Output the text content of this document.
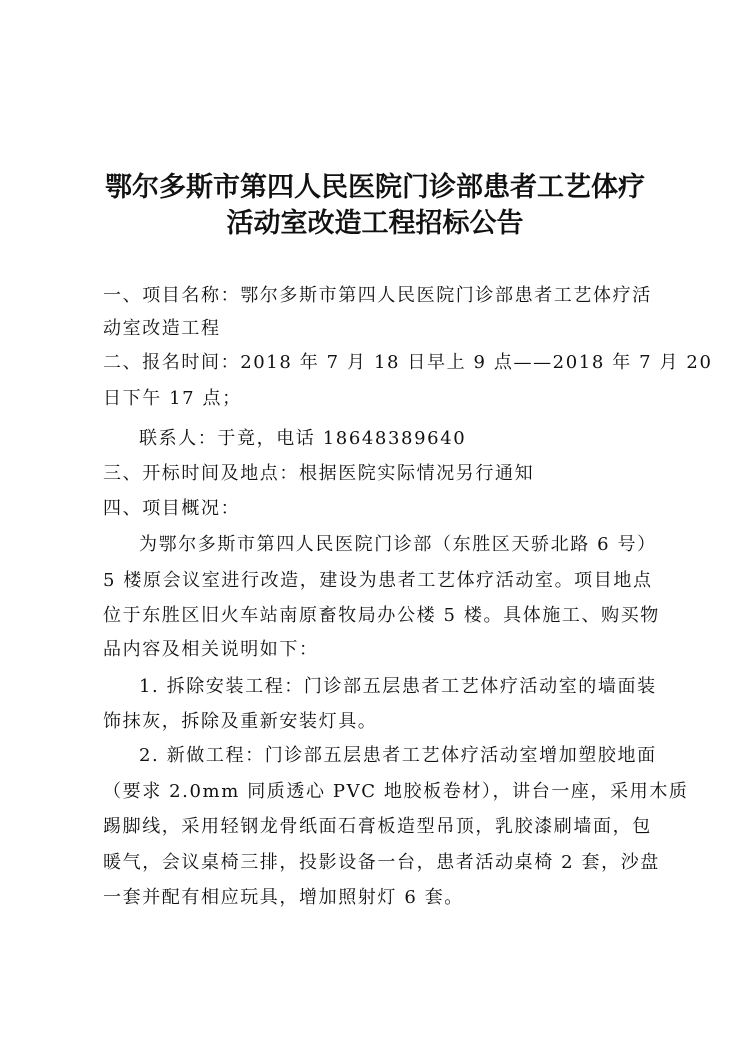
鄂尔多斯市第四人民医院门诊部患者工艺体疗
活动室改造工程招标公告
一、项目名称：鄂尔多斯市第四人民医院门诊部患者工艺体疗活
动室改造工程
二、报名时间：2018 年 7 月 18 日早上 9 点——2018 年 7 月 20
日下午 17 点；
联系人：于竟，电话 18648389640
三、开标时间及地点：根据医院实际情况另行通知
四、项目概况：
为鄂尔多斯市第四人民医院门诊部（东胜区天骄北路 6 号）
5 楼原会议室进行改造，建设为患者工艺体疗活动室。项目地点
位于东胜区旧火车站南原畜牧局办公楼 5 楼。具体施工、购买物
品内容及相关说明如下：
1. 拆除安装工程：门诊部五层患者工艺体疗活动室的墙面装
饰抹灰，拆除及重新安装灯具。
2. 新做工程：门诊部五层患者工艺体疗活动室增加塑胶地面
（要求 2.0mm 同质透心 PVC 地胶板卷材），讲台一座，采用木质
踢脚线，采用轻钢龙骨纸面石膏板造型吊顶，乳胶漆刷墙面，包
暖气，会议桌椅三排，投影设备一台，患者活动桌椅 2 套，沙盘
一套并配有相应玩具，增加照射灯 6 套。
